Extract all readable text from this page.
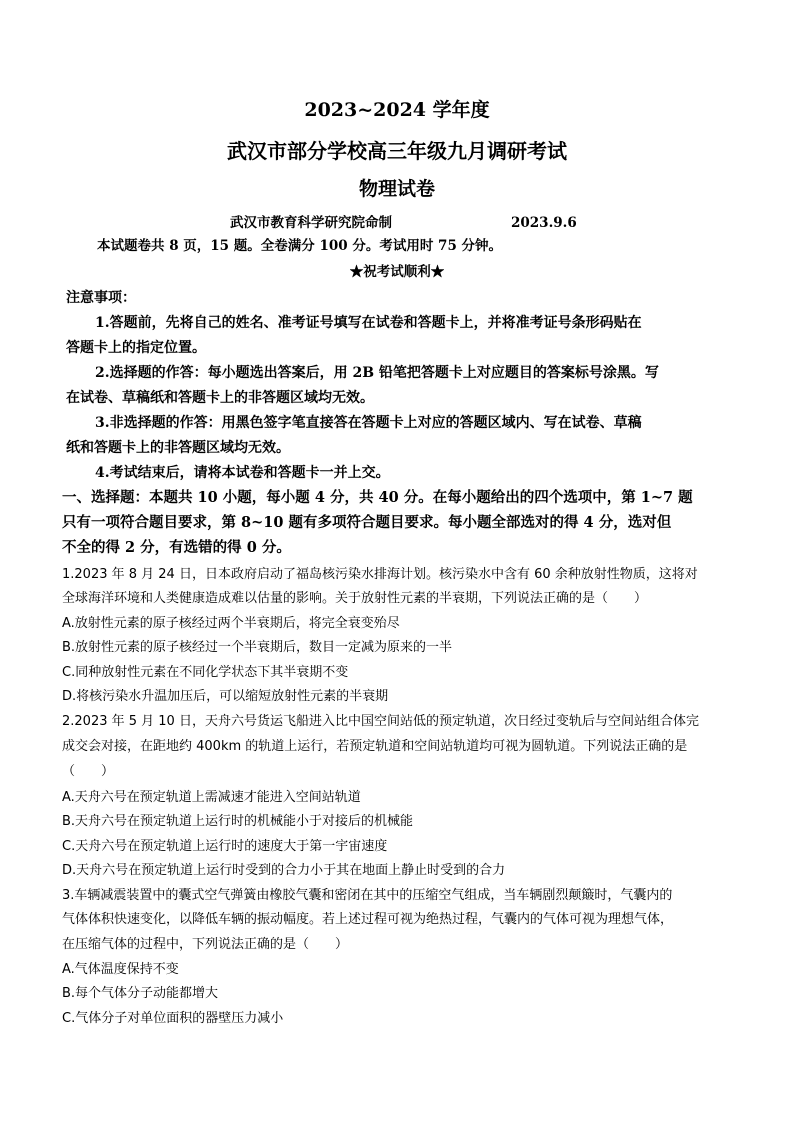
2023~2024 学年度
武汉市部分学校高三年级九月调研考试
物理试卷
武汉市教育科学研究院命制	2023.9.6
本试题卷共 8 页，15 题。全卷满分 100 分。考试用时 75 分钟。
★祝考试顺利★
注意事项：
1.答题前，先将自己的姓名、准考证号填写在试卷和答题卡上，并将准考证号条形码贴在
答题卡上的指定位置。
2.选择题的作答：每小题选出答案后，用 2B 铅笔把答题卡上对应题目的答案标号涂黑。写
在试卷、草稿纸和答题卡上的非答题区域均无效。
3.非选择题的作答：用黑色签字笔直接答在答题卡上对应的答题区域内、写在试卷、草稿
纸和答题卡上的非答题区域均无效。
4.考试结束后，请将本试卷和答题卡一并上交。
一、选择题：本题共 10 小题，每小题 4 分，共 40 分。在每小题给出的四个选项中，第 1~7 题
只有一项符合题目要求，第 8~10 题有多项符合题目要求。每小题全部选对的得 4 分，选对但
不全的得 2 分，有选错的得 0 分。
1.2023 年 8 月 24 日，日本政府启动了福岛核污染水排海计划。核污染水中含有 60 余种放射性物质，这将对
全球海洋环境和人类健康造成难以估量的影响。关于放射性元素的半衰期，下列说法正确的是（　　）
A.放射性元素的原子核经过两个半衰期后，将完全衰变殆尽
B.放射性元素的原子核经过一个半衰期后，数目一定减为原来的一半
C.同种放射性元素在不同化学状态下其半衰期不变
D.将核污染水升温加压后，可以缩短放射性元素的半衰期
2.2023 年 5 月 10 日，天舟六号货运飞船进入比中国空间站低的预定轨道，次日经过变轨后与空间站组合体完
成交会对接，在距地约 400km 的轨道上运行，若预定轨道和空间站轨道均可视为圆轨道。下列说法正确的是
（　　）
A.天舟六号在预定轨道上需减速才能进入空间站轨道
B.天舟六号在预定轨道上运行时的机械能小于对接后的机械能
C.天舟六号在预定轨道上运行时的速度大于第一宇宙速度
D.天舟六号在预定轨道上运行时受到的合力小于其在地面上静止时受到的合力
3.车辆减震装置中的囊式空气弹簧由橡胶气囊和密闭在其中的压缩空气组成，当车辆剧烈颠簸时，气囊内的
气体体积快速变化，以降低车辆的振动幅度。若上述过程可视为绝热过程，气囊内的气体可视为理想气体，
在压缩气体的过程中，下列说法正确的是（　　）
A.气体温度保持不变
B.每个气体分子动能都增大
C.气体分子对单位面积的器壁压力减小
